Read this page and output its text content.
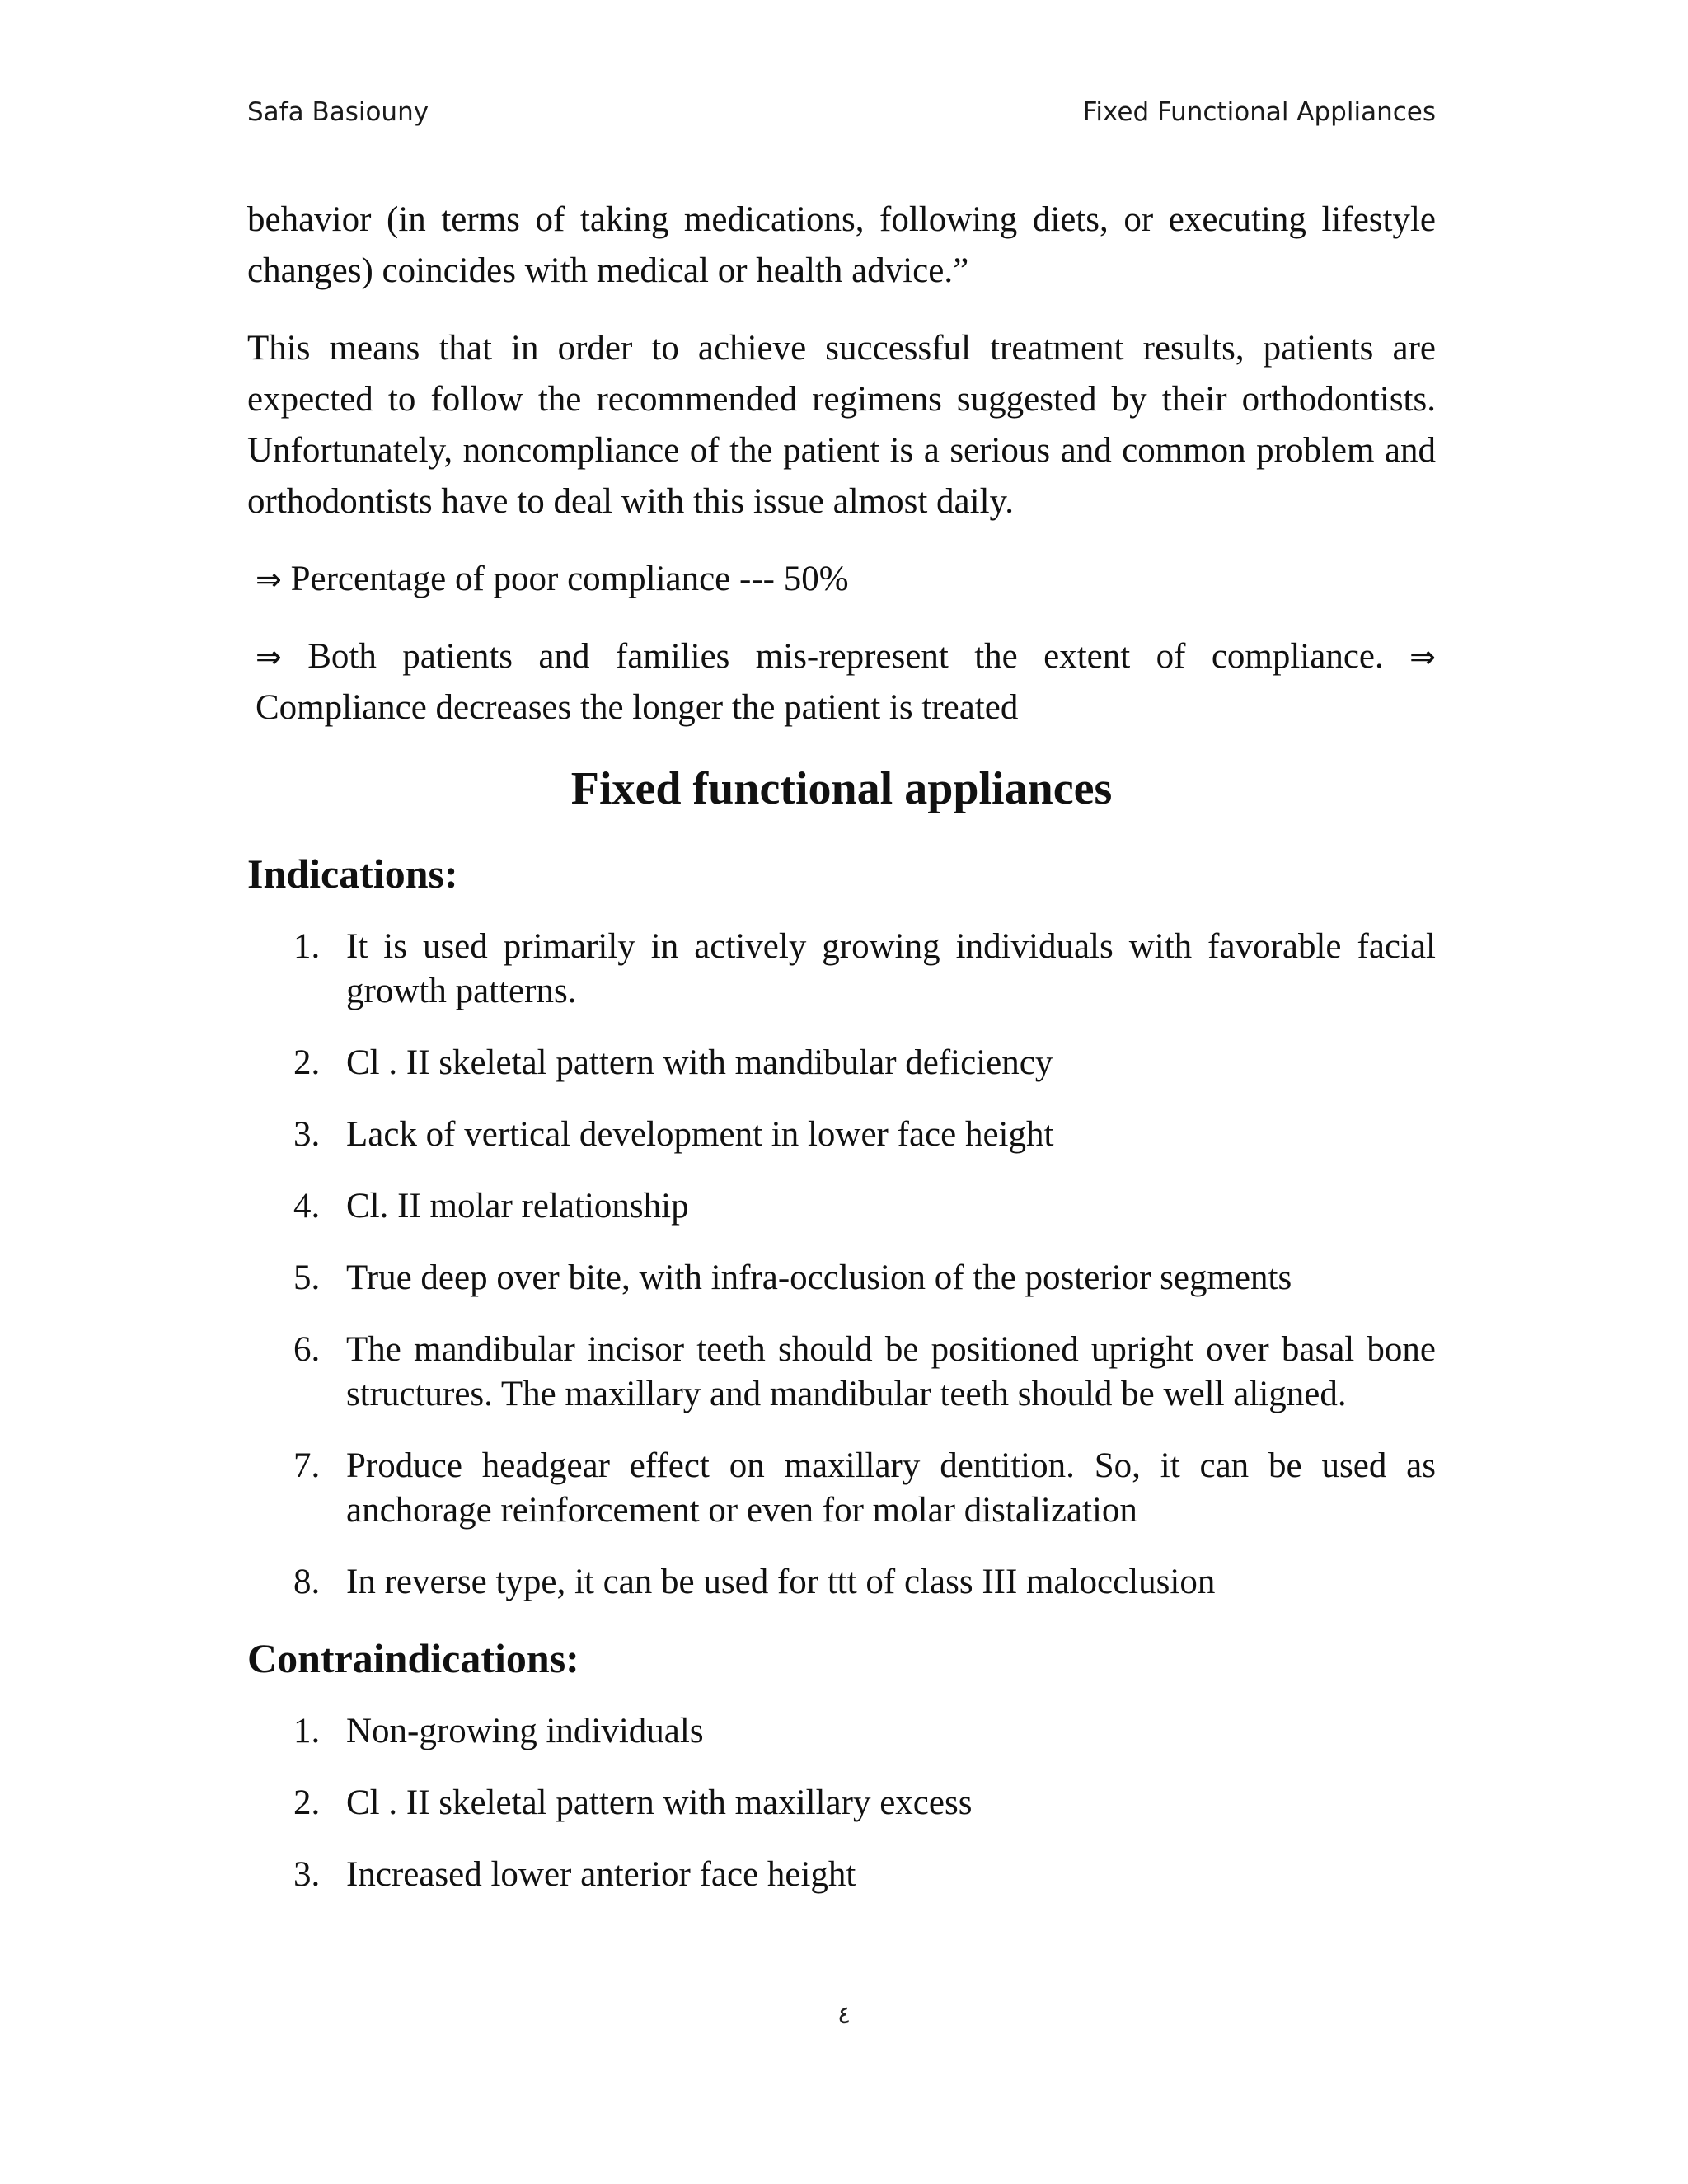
Safa Basiouny	Fixed Functional Appliances

behavior (in terms of taking medications, following diets, or executing lifestyle changes) coincides with medical or health advice.”

This means that in order to achieve successful treatment results, patients are expected to follow the recommended regimens suggested by their orthodontists. Unfortunately, noncompliance of the patient is a serious and common problem and orthodontists have to deal with this issue almost daily.

⇒ Percentage of poor compliance --- 50%

⇒ Both patients and families mis-represent the extent of compliance. ⇒ Compliance decreases the longer the patient is treated

Fixed functional appliances
Indications:
1. It is used primarily in actively growing individuals with favorable facial growth patterns.
2. Cl . II skeletal pattern with mandibular deficiency
3. Lack of vertical development in lower face height
4. Cl. II molar relationship
5. True deep over bite, with infra-occlusion of the posterior segments
6. The mandibular incisor teeth should be positioned upright over basal bone structures. The maxillary and mandibular teeth should be well aligned.
7. Produce headgear effect on maxillary dentition. So, it can be used as anchorage reinforcement or even for molar distalization
8. In reverse type, it can be used for ttt of class III malocclusion
Contraindications:
1. Non-growing individuals
2. Cl . II skeletal pattern with maxillary excess
3. Increased lower anterior face height
٤
